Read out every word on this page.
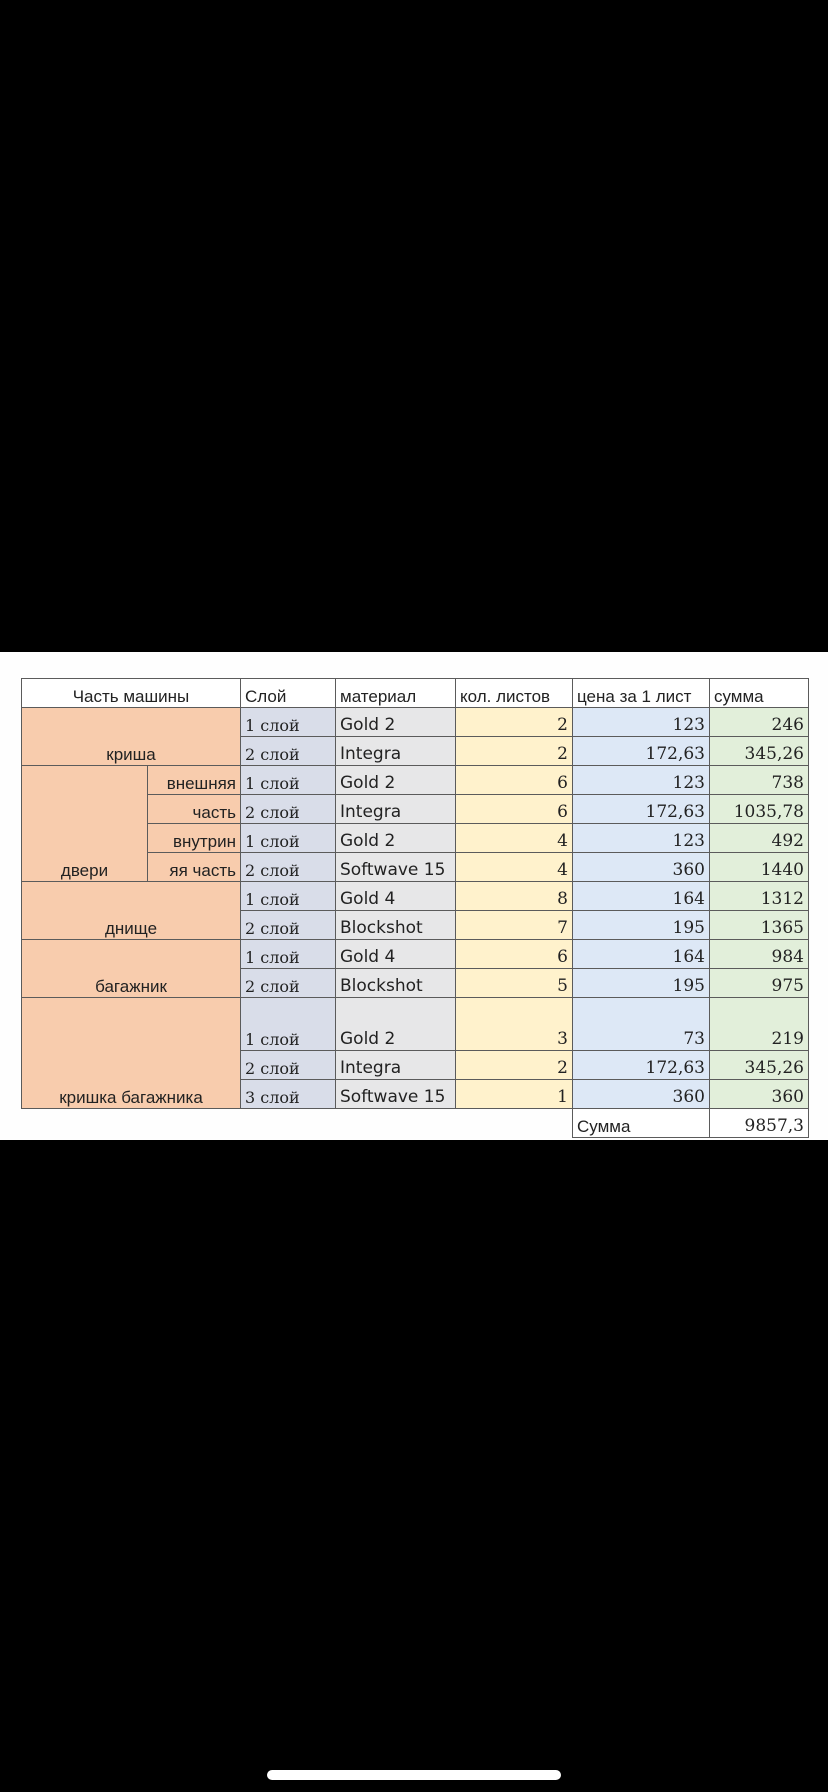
Часть машины		Слой	материал	кол. листов	цена за 1 лист	сумма
криша		1 слой	Gold 2	2	123	246
		2 слой	Integra	2	172,63	345,26
двери	внешняя	1 слой	Gold 2	6	123	738
	часть	2 слой	Integra	6	172,63	1035,78
	внутрин	1 слой	Gold 2	4	123	492
	яя часть	2 слой	Softwave 15	4	360	1440
днище		1 слой	Gold 4	8	164	1312
		2 слой	Blockshot	7	195	1365
багажник		1 слой	Gold 4	6	164	984
		2 слой	Blockshot	5	195	975
кришка багажника		1 слой	Gold 2	3	73	219
		2 слой	Integra	2	172,63	345,26
		3 слой	Softwave 15	1	360	360
					Сумма	9857,3
